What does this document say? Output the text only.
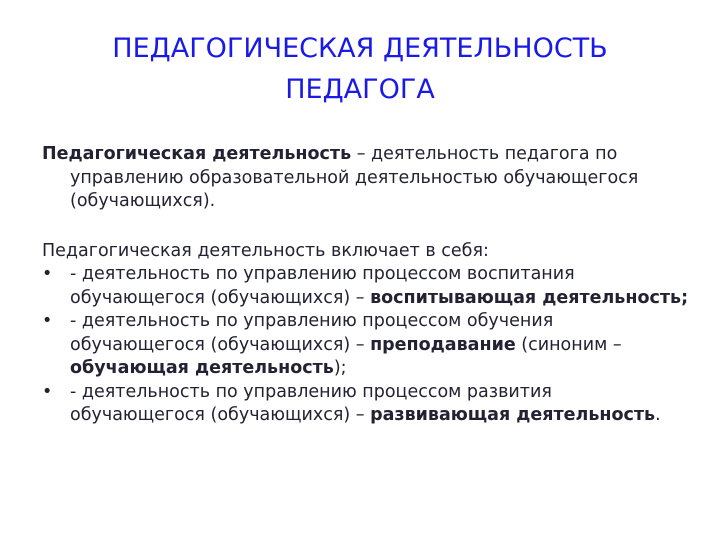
ПЕДАГОГИЧЕСКАЯ ДЕЯТЕЛЬНОСТЬ
ПЕДАГОГА

Педагогическая деятельность – деятельность педагога по управлению образовательной деятельностью обучающегося (обучающихся).

Педагогическая деятельность включает в себя:

•	- деятельность по управлению процессом воспитания обучающегося (обучающихся) – воспитывающая деятельность;
•	- деятельность по управлению процессом обучения обучающегося (обучающихся) – преподавание (синоним – обучающая деятельность);
•	- деятельность по управлению процессом развития обучающегося (обучающихся) – развивающая деятельность.
